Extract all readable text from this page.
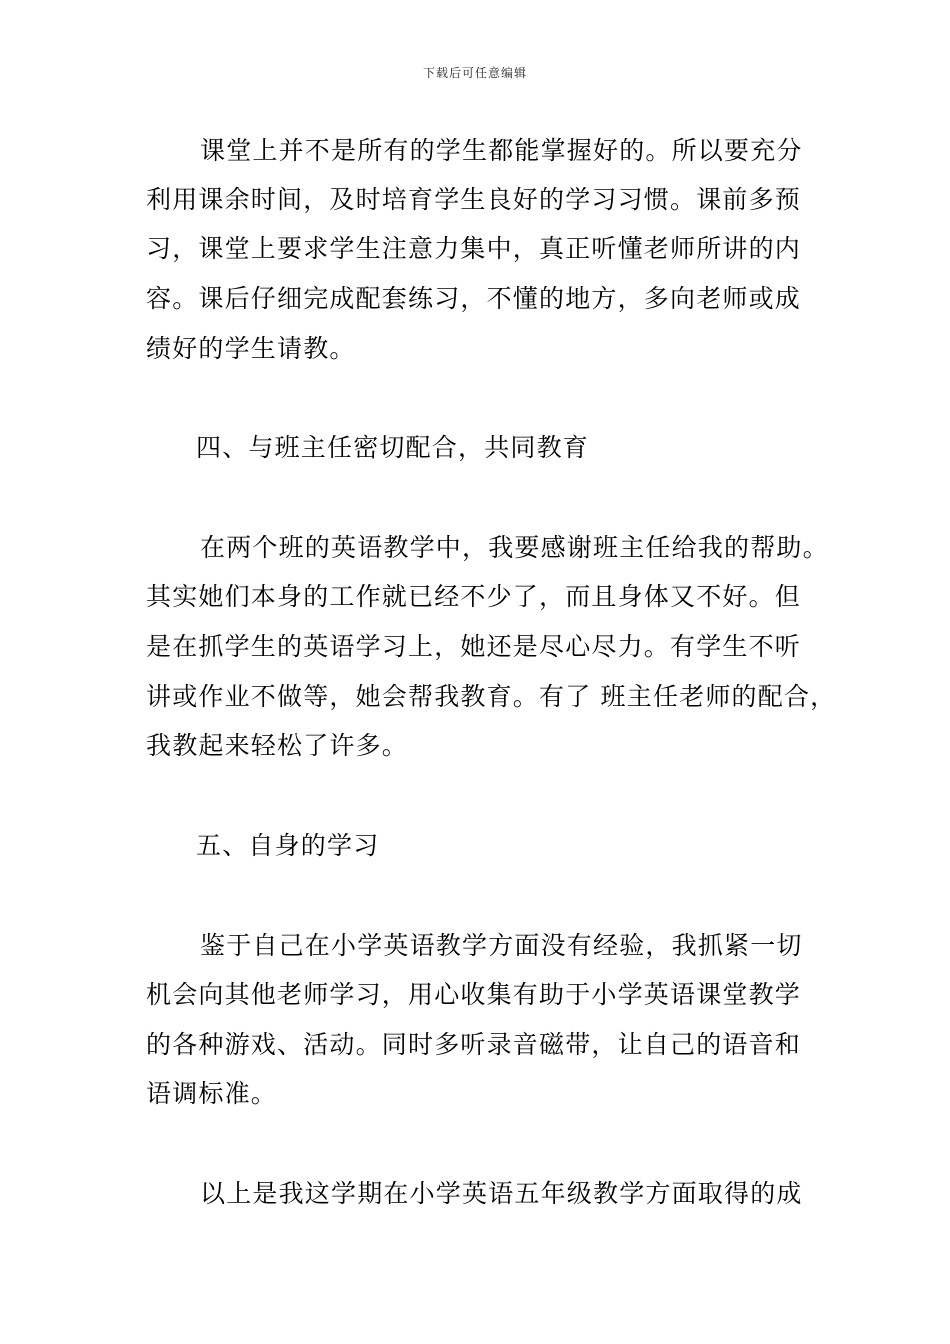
下载后可任意编辑
课堂上并不是所有的学生都能掌握好的。所以要充分
利用课余时间，及时培育学生良好的学习习惯。课前多预
习，课堂上要求学生注意力集中，真正听懂老师所讲的内
容。课后仔细完成配套练习，不懂的地方，多向老师或成
绩好的学生请教。
四、与班主任密切配合，共同教育
在两个班的英语教学中，我要感谢班主任给我的帮助。
其实她们本身的工作就已经不少了，而且身体又不好。但
是在抓学生的英语学习上，她还是尽心尽力。有学生不听
讲或作业不做等，她会帮我教育。有了 班主任老师的配合，
我教起来轻松了许多。
五、自身的学习
鉴于自己在小学英语教学方面没有经验，我抓紧一切
机会向其他老师学习，用心收集有助于小学英语课堂教学
的各种游戏、活动。同时多听录音磁带，让自己的语音和
语调标准。
以上是我这学期在小学英语五年级教学方面取得的成
